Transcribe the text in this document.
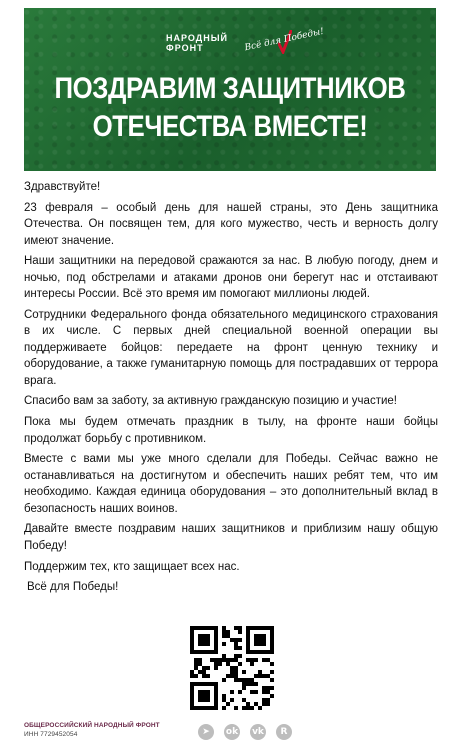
НАРОДНЫЙ
ФРОНТ	Всё для Победы!
ПОЗДРАВИМ ЗАЩИТНИКОВ
ОТЕЧЕСТВА ВМЕСТЕ!

Здравствуйте!

23 февраля – особый день для нашей страны, это День защитника Отечества. Он посвящен тем, для кого мужество, честь и верность долгу имеют значение.

Наши защитники на передовой сражаются за нас. В любую погоду, днем и ночью, под обстрелами и атаками дронов они берегут нас и отстаивают интересы России. Всё это время им помогают миллионы людей.

Сотрудники Федерального фонда обязательного медицинского страхования в их числе. С первых дней специальной военной операции вы поддерживаете бойцов: передаете на фронт ценную технику и оборудование, а также гуманитарную помощь для пострадавших от террора врага.

Спасибо вам за заботу, за активную гражданскую позицию и участие!

Пока мы будем отмечать праздник в тылу, на фронте наши бойцы продолжат борьбу с противником.

Вместе с вами мы уже много сделали для Победы. Сейчас важно не останавливаться на достигнутом и обеспечить наших ребят тем, что им необходимо. Каждая единица оборудования – это дополнительный вклад в безопасность наших воинов.

Давайте вместе поздравим наших защитников и приблизим нашу общую Победу!

Поддержим тех, кто защищает всех нас.

Всё для Победы!

ОБЩЕРОССИЙСКИЙ НАРОДНЫЙ ФРОНТ
ИНН 7729452054	➤	ok vk	R
